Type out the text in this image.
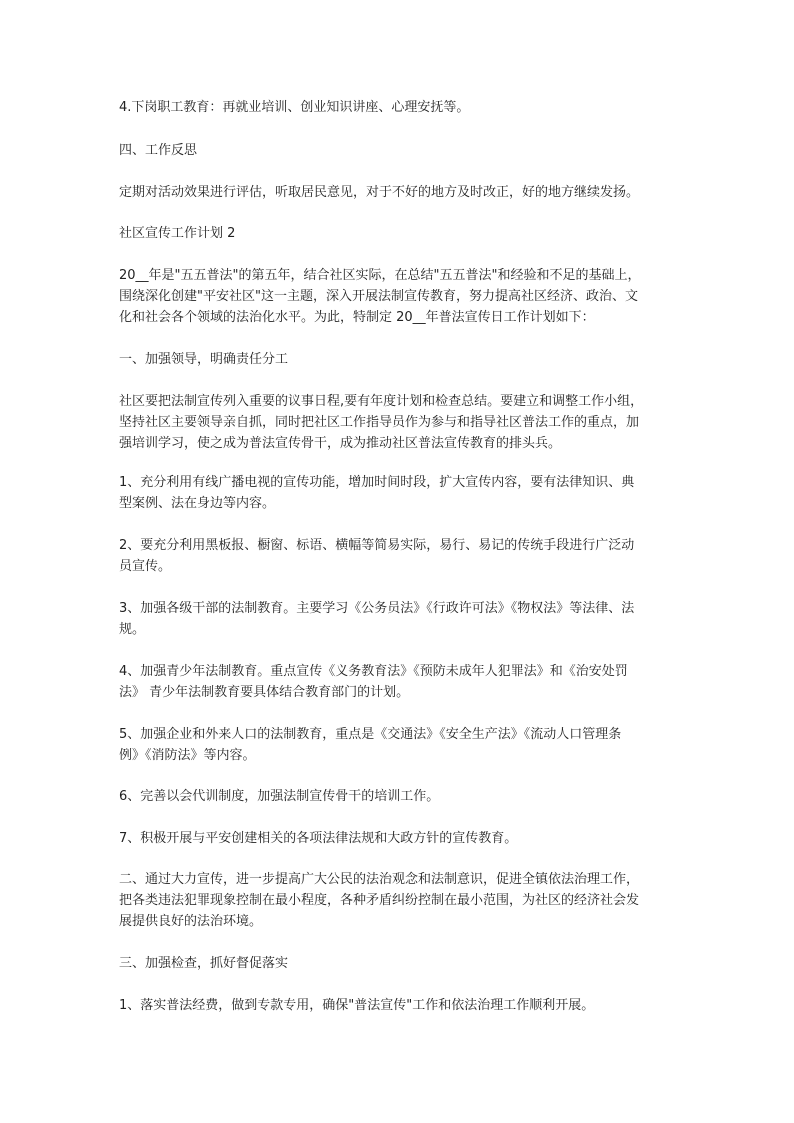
4.下岗职工教育：再就业培训、创业知识讲座、心理安抚等。
四、工作反思
定期对活动效果进行评估，听取居民意见，对于不好的地方及时改正，好的地方继续发扬。
社区宣传工作计划 2
20__年是"五五普法"的第五年，结合社区实际，在总结"五五普法"和经验和不足的基础上，
围绕深化创建"平安社区"这一主题，深入开展法制宣传教育，努力提高社区经济、政治、文
化和社会各个领域的法治化水平。为此，特制定 20__年普法宣传日工作计划如下：
一、加强领导，明确责任分工
社区要把法制宣传列入重要的议事日程,要有年度计划和检查总结。要建立和调整工作小组，
坚持社区主要领导亲自抓，同时把社区工作指导员作为参与和指导社区普法工作的重点，加
强培训学习，使之成为普法宣传骨干，成为推动社区普法宣传教育的排头兵。
1、充分利用有线广播电视的宣传功能，增加时间时段，扩大宣传内容，要有法律知识、典
型案例、法在身边等内容。
2、要充分利用黑板报、橱窗、标语、横幅等简易实际，易行、易记的传统手段进行广泛动
员宣传。
3、加强各级干部的法制教育。主要学习《公务员法》《行政许可法》《物权法》等法律、法
规。
4、加强青少年法制教育。重点宣传《义务教育法》《预防未成年人犯罪法》和《治安处罚
法》 青少年法制教育要具体结合教育部门的计划。
5、加强企业和外来人口的法制教育，重点是《交通法》《安全生产法》《流动人口管理条
例》《消防法》等内容。
6、完善以会代训制度，加强法制宣传骨干的培训工作。
7、积极开展与平安创建相关的各项法律法规和大政方针的宣传教育。
二、通过大力宣传，进一步提高广大公民的法治观念和法制意识，促进全镇依法治理工作，
把各类违法犯罪现象控制在最小程度，各种矛盾纠纷控制在最小范围，为社区的经济社会发
展提供良好的法治环境。
三、加强检查，抓好督促落实
1、落实普法经费，做到专款专用，确保"普法宣传"工作和依法治理工作顺利开展。
